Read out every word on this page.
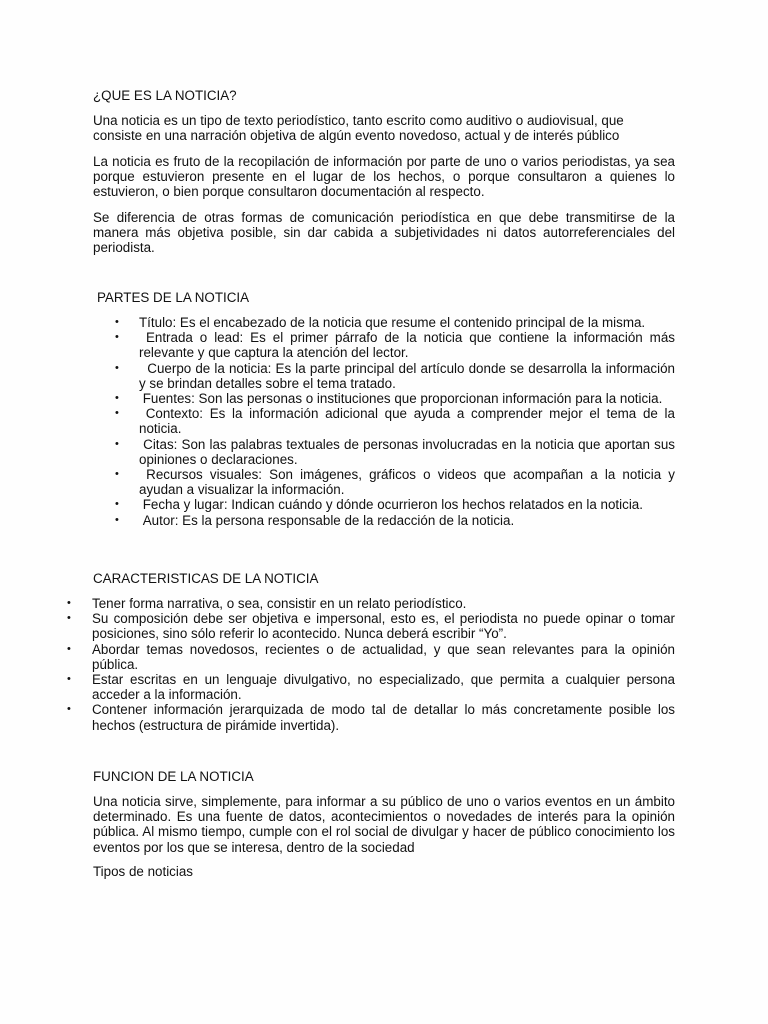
¿QUE ES LA NOTICIA?

Una noticia es un tipo de texto periodístico, tanto escrito como auditivo o audiovisual, que consiste en una narración objetiva de algún evento novedoso, actual y de interés público

La noticia es fruto de la recopilación de información por parte de uno o varios periodistas, ya sea porque estuvieron presente en el lugar de los hechos, o porque consultaron a quienes lo estuvieron, o bien porque consultaron documentación al respecto.

Se diferencia de otras formas de comunicación periodística en que debe transmitirse de la manera más objetiva posible, sin dar cabida a subjetividades ni datos autorreferenciales del periodista.

PARTES DE LA NOTICIA
• Título: Es el encabezado de la noticia que resume el contenido principal de la misma.
• Entrada o lead: Es el primer párrafo de la noticia que contiene la información más relevante y que captura la atención del lector.
• Cuerpo de la noticia: Es la parte principal del artículo donde se desarrolla la información y se brindan detalles sobre el tema tratado.
• Fuentes: Son las personas o instituciones que proporcionan información para la noticia.
• Contexto: Es la información adicional que ayuda a comprender mejor el tema de la noticia.
• Citas: Son las palabras textuales de personas involucradas en la noticia que aportan sus opiniones o declaraciones.
• Recursos visuales: Son imágenes, gráficos o videos que acompañan a la noticia y ayudan a visualizar la información.
• Fecha y lugar: Indican cuándo y dónde ocurrieron los hechos relatados en la noticia.
• Autor: Es la persona responsable de la redacción de la noticia.
CARACTERISTICAS DE LA NOTICIA
• Tener forma narrativa, o sea, consistir en un relato periodístico.
• Su composición debe ser objetiva e impersonal, esto es, el periodista no puede opinar o tomar posiciones, sino sólo referir lo acontecido. Nunca deberá escribir “Yo”.
• Abordar temas novedosos, recientes o de actualidad, y que sean relevantes para la opinión pública.
• Estar escritas en un lenguaje divulgativo, no especializado, que permita a cualquier persona acceder a la información.
• Contener información jerarquizada de modo tal de detallar lo más concretamente posible los hechos (estructura de pirámide invertida).
FUNCION DE LA NOTICIA

Una noticia sirve, simplemente, para informar a su público de uno o varios eventos en un ámbito determinado. Es una fuente de datos, acontecimientos o novedades de interés para la opinión pública. Al mismo tiempo, cumple con el rol social de divulgar y hacer de público conocimiento los eventos por los que se interesa, dentro de la sociedad

Tipos de noticias
